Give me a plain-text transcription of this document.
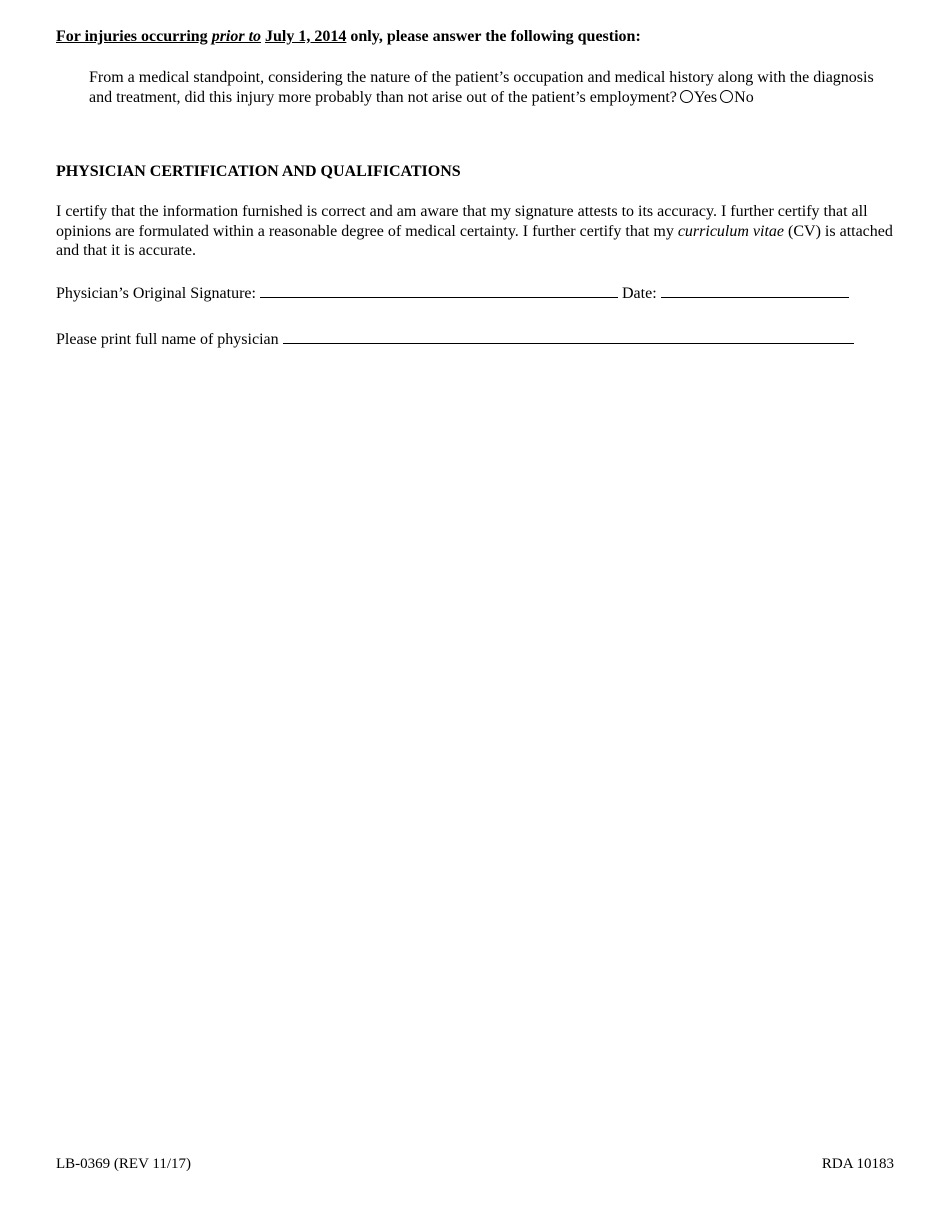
For injuries occurring prior to July 1, 2014 only, please answer the following question:
From a medical standpoint, considering the nature of the patient’s occupation and medical history along with the diagnosis and treatment, did this injury more probably than not arise out of the patient’s employment? Yes No
PHYSICIAN CERTIFICATION AND QUALIFICATIONS
I certify that the information furnished is correct and am aware that my signature attests to its accuracy. I further certify that all opinions are formulated within a reasonable degree of medical certainty. I further certify that my curriculum vitae (CV) is attached and that it is accurate.
Physician’s Original Signature:	Date:
Please print full name of physician
LB-0369 (REV 11/17)	RDA 10183
